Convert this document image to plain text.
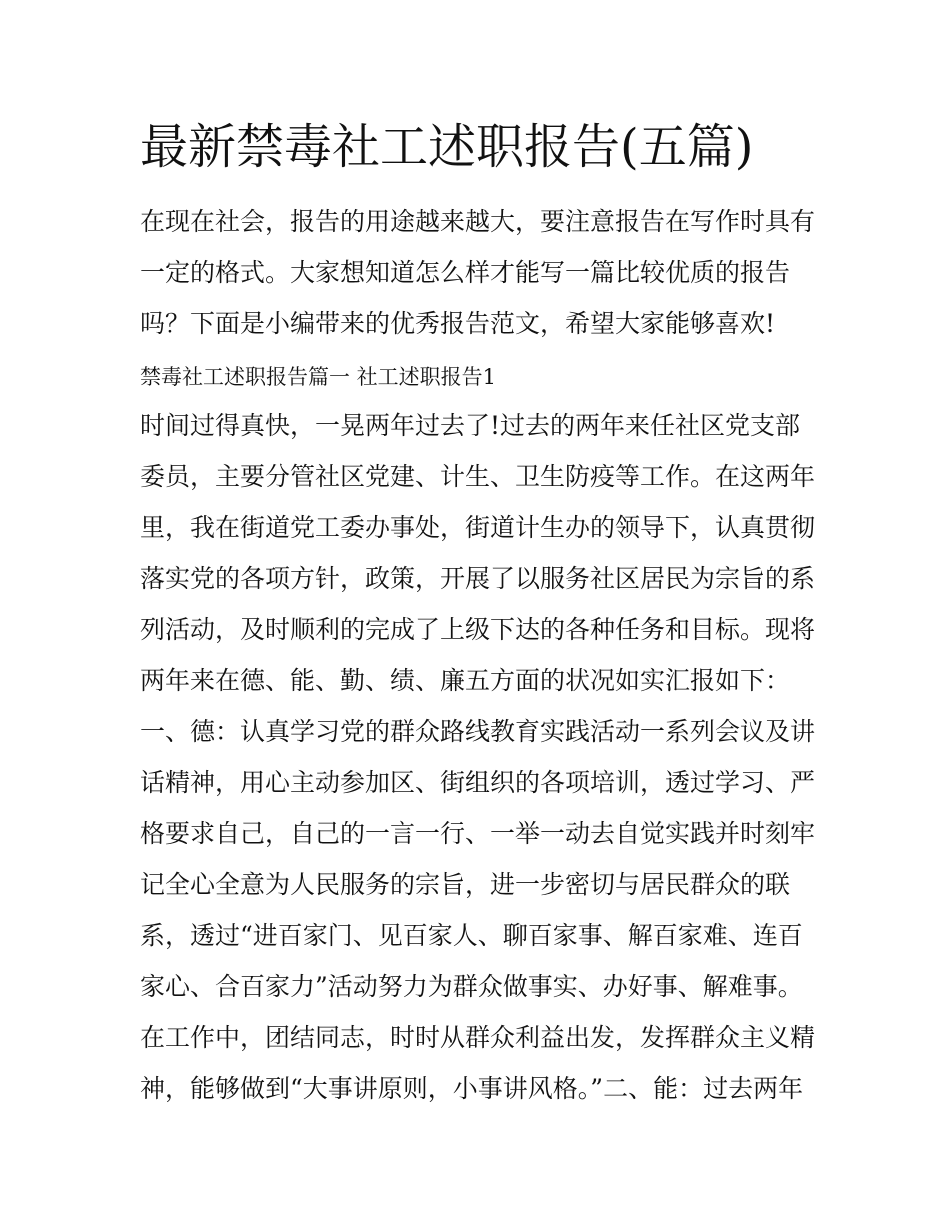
最新禁毒社工述职报告(五篇)

在现在社会，报告的用途越来越大，要注意报告在写作时具有

一定的格式。大家想知道怎么样才能写一篇比较优质的报告

吗？下面是小编带来的优秀报告范文，希望大家能够喜欢!

禁毒社工述职报告篇一 社工述职报告1

时间过得真快，一晃两年过去了!过去的两年来任社区党支部

委员，主要分管社区党建、计生、卫生防疫等工作。在这两年

里，我在街道党工委办事处，街道计生办的领导下，认真贯彻

落实党的各项方针，政策，开展了以服务社区居民为宗旨的系

列活动，及时顺利的完成了上级下达的各种任务和目标。现将

两年来在德、能、勤、绩、廉五方面的状况如实汇报如下：

一、德：认真学习党的群众路线教育实践活动一系列会议及讲

话精神，用心主动参加区、街组织的各项培训，透过学习、严

格要求自己，自己的一言一行、一举一动去自觉实践并时刻牢

记全心全意为人民服务的宗旨，进一步密切与居民群众的联

系，透过“进百家门、见百家人、聊百家事、解百家难、连百

家心、合百家力”活动努力为群众做事实、办好事、解难事。

在工作中，团结同志，时时从群众利益出发，发挥群众主义精

神，能够做到“大事讲原则，小事讲风格。”二、能：过去两年
